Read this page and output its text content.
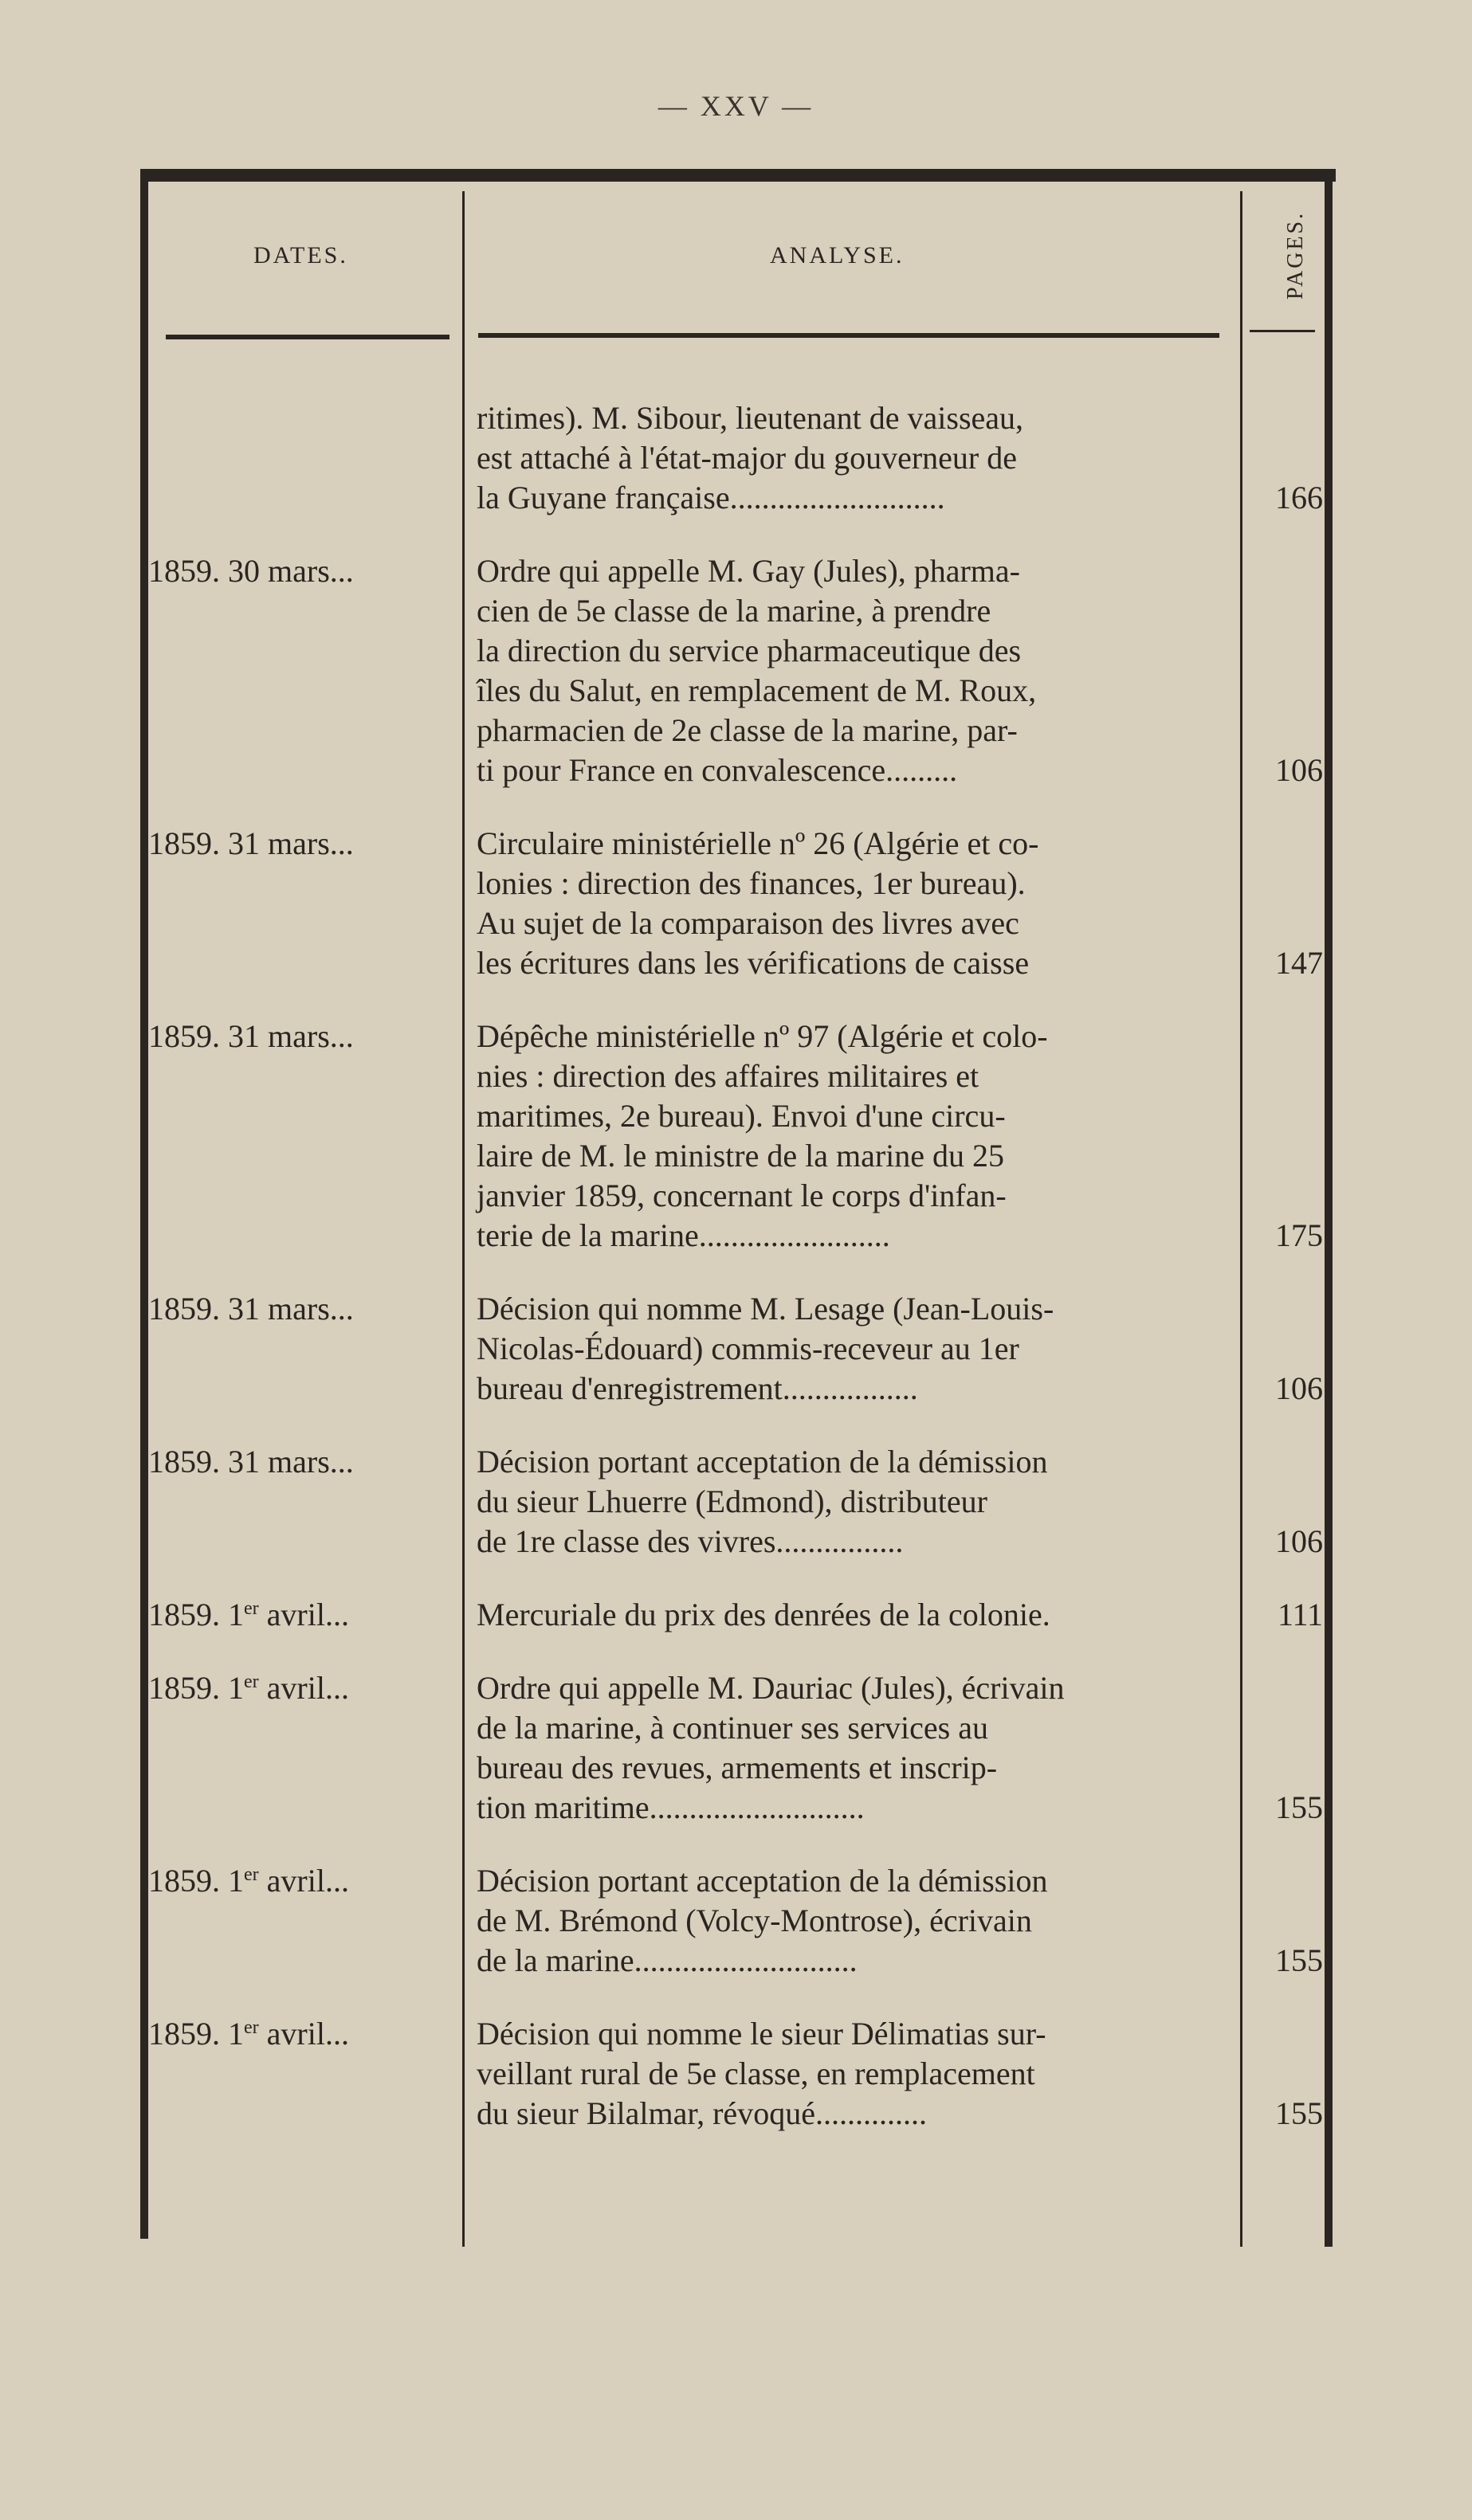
— XXV —
DATES.	ANALYSE.	PAGES.
ritimes). M. Sibour, lieutenant de vaisseau,
est attaché à l'état-major du gouverneur de
la Guyane française...........................	166
1859. 30 mars...	Ordre qui appelle M. Gay (Jules), pharma-
cien de 5e classe de la marine, à prendre
la direction du service pharmaceutique des
îles du Salut, en remplacement de M. Roux,
pharmacien de 2e classe de la marine, par-
ti pour France en convalescence.........	106
1859. 31 mars...	Circulaire ministérielle nº 26 (Algérie et co-
lonies : direction des finances, 1er bureau).
Au sujet de la comparaison des livres avec
les écritures dans les vérifications de caisse	147
1859. 31 mars...	Dépêche ministérielle nº 97 (Algérie et colo-
nies : direction des affaires militaires et
maritimes, 2e bureau). Envoi d'une circu-
laire de M. le ministre de la marine du 25
janvier 1859, concernant le corps d'infan-
terie de la marine........................	175
1859. 31 mars...	Décision qui nomme M. Lesage (Jean-Louis-
Nicolas-Édouard) commis-receveur au 1er
bureau d'enregistrement.................	106
1859. 31 mars...	Décision portant acceptation de la démission
du sieur Lhuerre (Edmond), distributeur
de 1re classe des vivres................	106
1859. 1er avril...	Mercuriale du prix des denrées de la colonie.	111
1859. 1er avril...	Ordre qui appelle M. Dauriac (Jules), écrivain
de la marine, à continuer ses services au
bureau des revues, armements et inscrip-
tion maritime...........................	155
1859. 1er avril...	Décision portant acceptation de la démission
de M. Brémond (Volcy-Montrose), écrivain
de la marine............................	155
1859. 1er avril...	Décision qui nomme le sieur Délimatias sur-
veillant rural de 5e classe, en remplacement
du sieur Bilalmar, révoqué..............	155
